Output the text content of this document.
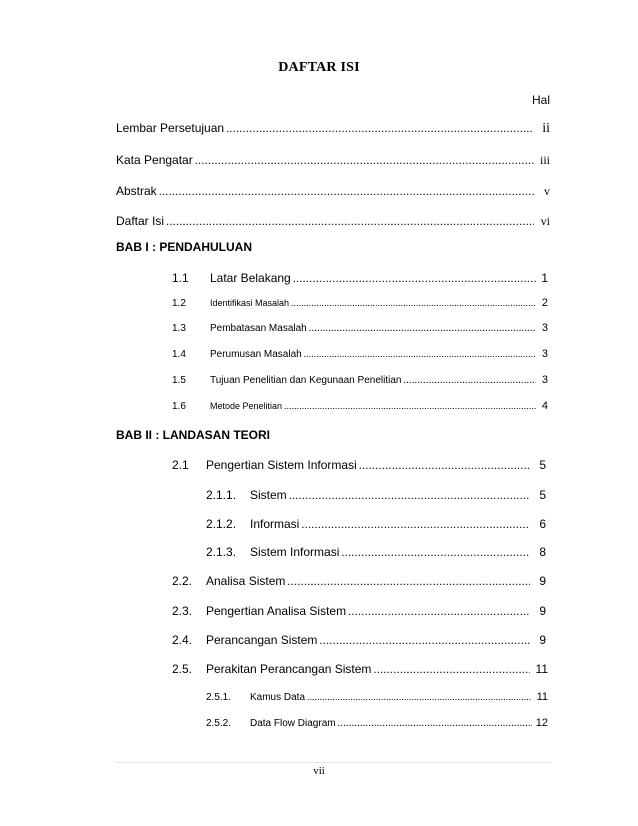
DAFTAR ISI
Hal
Lembar Persetujuan .....	ii
Kata Pengatar .....	iii
Abstrak .....	v
Daftar Isi .....	vi
BAB I : PENDAHULUAN
1.1	Latar Belakang .....	1
1.2	Identifikasi Masalah .....	2
1.3	Pembatasan Masalah .....	3
1.4	Perumusan Masalah .....	3
1.5	Tujuan Penelitian dan Kegunaan Penelitian .....	3
1.6	Metode Penelitian .....	4
BAB II : LANDASAN TEORI
2.1	Pengertian Sistem Informasi .....	5
2.1.1.	Sistem .....	5
2.1.2.	Informasi .....	6
2.1.3.	Sistem Informasi .....	8
2.2.	Analisa Sistem .....	9
2.3.	Pengertian Analisa Sistem .....	9
2.4.	Perancangan Sistem .....	9
2.5.	Perakitan Perancangan Sistem .....	11
2.5.1.	Kamus Data .....	11
2.5.2.	Data Flow Diagram .....	12
vii
